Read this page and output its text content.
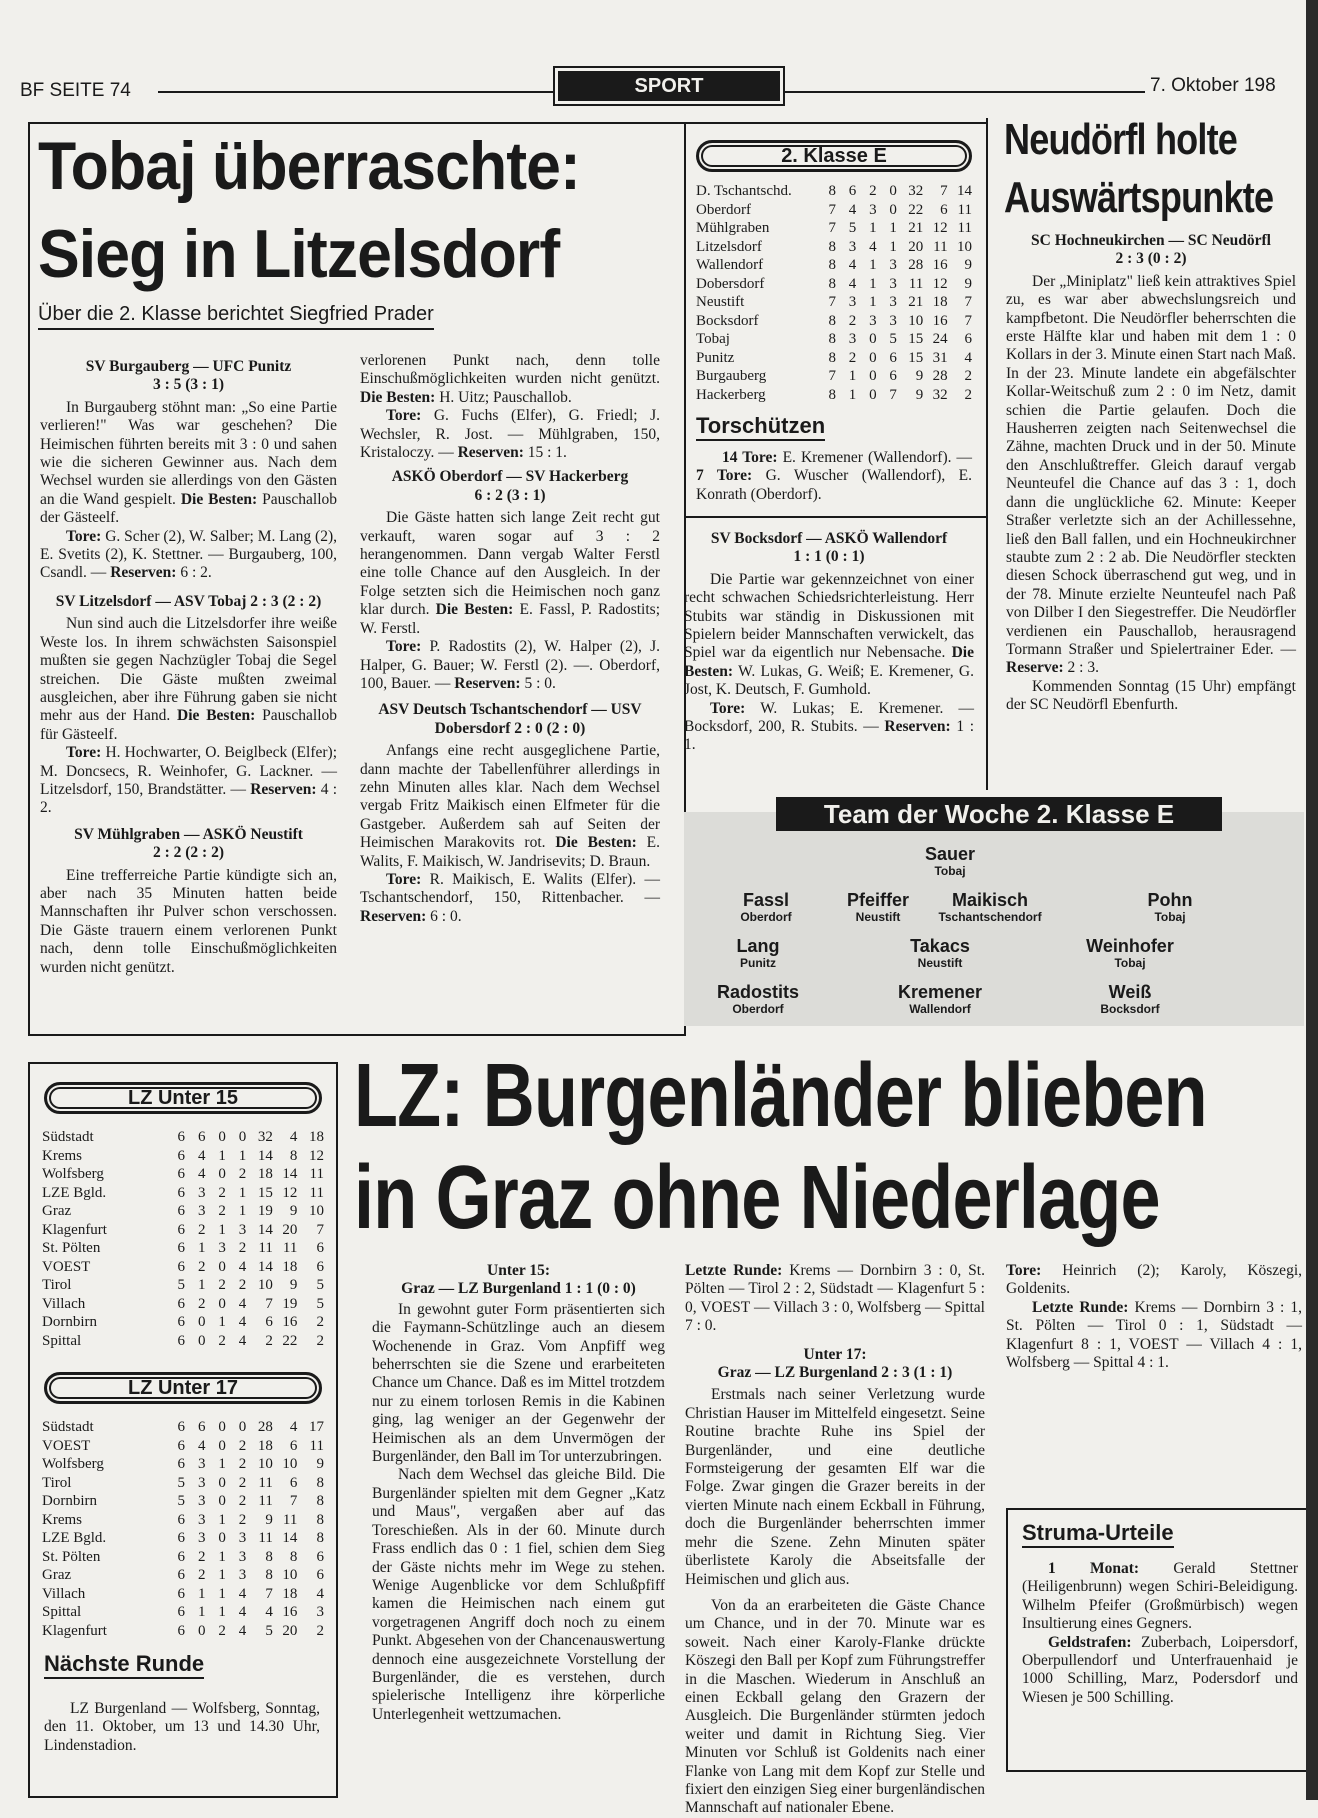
BF SEITE 74	SPORT	7. Oktober 198
Tobaj überraschte:
Sieg in Litzelsdorf
Über die 2. Klasse berichtet Siegfried Prader
SV Burgauberg — UFC Punitz
3 : 5 (3 : 1)

In Burgauberg stöhnt man: „So eine Partie verlieren!" Was war geschehen? Die Heimischen führten bereits mit 3 : 0 und sahen wie die sicheren Gewinner aus. Nach dem Wechsel wurden sie allerdings von den Gästen an die Wand gespielt. Die Besten: Pauschallob der Gästeelf.

Tore: G. Scher (2), W. Salber; M. Lang (2), E. Svetits (2), K. Stettner. — Burgauberg, 100, Csandl. — Reserven: 6 : 2.

SV Litzelsdorf — ASV Tobaj 2 : 3 (2 : 2)

Nun sind auch die Litzelsdorfer ihre weiße Weste los. In ihrem schwächsten Saisonspiel mußten sie gegen Nachzügler Tobaj die Segel streichen. Die Gäste mußten zweimal ausgleichen, aber ihre Führung gaben sie nicht mehr aus der Hand. Die Besten: Pauschallob für Gästeelf.

Tore: H. Hochwarter, O. Beiglbeck (Elfer); M. Doncsecs, R. Weinhofer, G. Lackner. — Litzelsdorf, 150, Brandstätter. — Reserven: 4 : 2.

SV Mühlgraben — ASKÖ Neustift
2 : 2 (2 : 2)

Eine trefferreiche Partie kündigte sich an, aber nach 35 Minuten hatten beide Mannschaften ihr Pulver schon verschossen. Die Gäste trauern einem verlorenen Punkt nach, denn tolle Einschußmöglichkeiten wurden nicht genützt.

verlorenen Punkt nach, denn tolle Einschußmöglichkeiten wurden nicht genützt. Die Besten: H. Uitz; Pauschallob.

Tore: G. Fuchs (Elfer), G. Friedl; J. Wechsler, R. Jost. — Mühlgraben, 150, Kristaloczy. — Reserven: 15 : 1.

ASKÖ Oberdorf — SV Hackerberg
6 : 2 (3 : 1)

Die Gäste hatten sich lange Zeit recht gut verkauft, waren sogar auf 3 : 2 herangenommen. Dann vergab Walter Ferstl eine tolle Chance auf den Ausgleich. In der Folge setzten sich die Heimischen noch ganz klar durch. Die Besten: E. Fassl, P. Radostits; W. Ferstl.

Tore: P. Radostits (2), W. Halper (2), J. Halper, G. Bauer; W. Ferstl (2). —. Oberdorf, 100, Bauer. — Reserven: 5 : 0.

ASV Deutsch Tschantschendorf — USV Dobersdorf 2 : 0 (2 : 0)

Anfangs eine recht ausgeglichene Partie, dann machte der Tabellenführer allerdings in zehn Minuten alles klar. Nach dem Wechsel vergab Fritz Maikisch einen Elfmeter für die Gastgeber. Außerdem sah auf Seiten der Heimischen Marakovits rot. Die Besten: E. Walits, F. Maikisch, W. Jandrisevits; D. Braun.

Tore: R. Maikisch, E. Walits (Elfer). — Tschantschendorf, 150, Rittenbacher. — Reserven: 6 : 0.

2. Klasse E
D. Tschantschd.	8	6	2	0	32	7	14
Oberdorf	7	4	3	0	22	6	11
Mühlgraben	7	5	1	1	21	12	11
Litzelsdorf	8	3	4	1	20	11	10
Wallendorf	8	4	1	3	28	16	9
Dobersdorf	8	4	1	3	11	12	9
Neustift	7	3	1	3	21	18	7
Bocksdorf	8	2	3	3	10	16	7
Tobaj	8	3	0	5	15	24	6
Punitz	8	2	0	6	15	31	4
Burgauberg	7	1	0	6	9	28	2
Hackerberg	8	1	0	7	9	32	2
Torschützen

14 Tore: E. Kremener (Wallendorf). — 7 Tore: G. Wuscher (Wallendorf), E. Konrath (Oberdorf).

SV Bocksdorf — ASKÖ Wallendorf
1 : 1 (0 : 1)

Die Partie war gekennzeichnet von einer recht schwachen Schiedsrichterleistung. Herr Stubits war ständig in Diskussionen mit Spielern beider Mannschaften verwickelt, das Spiel war da eigentlich nur Nebensache. Die Besten: W. Lukas, G. Weiß; E. Kremener, G. Jost, K. Deutsch, F. Gumhold.

Tore: W. Lukas; E. Kremener. — Bocksdorf, 200, R. Stubits. — Reserven: 1 : 1.

Neudörfl holte
Auswärtspunkte
SC Hochneukirchen — SC Neudörfl
2 : 3 (0 : 2)

Der „Miniplatz" ließ kein attraktives Spiel zu, es war aber abwechslungsreich und kampfbetont. Die Neudörfler beherrschten die erste Hälfte klar und haben mit dem 1 : 0 Kollars in der 3. Minute einen Start nach Maß. In der 23. Minute landete ein abgefälschter Kollar-Weitschuß zum 2 : 0 im Netz, damit schien die Partie gelaufen. Doch die Hausherren zeigten nach Seitenwechsel die Zähne, machten Druck und in der 50. Minute den Anschlußtreffer. Gleich darauf vergab Neunteufel die Chance auf das 3 : 1, doch dann die unglückliche 62. Minute: Keeper Straßer verletzte sich an der Achillessehne, ließ den Ball fallen, und ein Hochneukirchner staubte zum 2 : 2 ab. Die Neudörfler steckten diesen Schock überraschend gut weg, und in der 78. Minute erzielte Neunteufel nach Paß von Dilber I den Siegestreffer. Die Neudörfler verdienen ein Pauschallob, herausragend Tormann Straßer und Spielertrainer Eder. — Reserve: 2 : 3.

Kommenden Sonntag (15 Uhr) empfängt der SC Neudörfl Ebenfurth.

Team der Woche 2. Klasse E
Sauer
Tobaj
Fassl
Oberdorf
Pfeiffer
Neustift
Maikisch
Tschantschendorf
Pohn
Tobaj
Lang
Punitz
Takacs
Neustift
Weinhofer
Tobaj
Radostits
Oberdorf
Kremener
Wallendorf
Weiß
Bocksdorf
LZ Unter 15
Südstadt	6	6	0	0	32	4	18
Krems	6	4	1	1	14	8	12
Wolfsberg	6	4	0	2	18	14	11
LZE Bgld.	6	3	2	1	15	12	11
Graz	6	3	2	1	19	9	10
Klagenfurt	6	2	1	3	14	20	7
St. Pölten	6	1	3	2	11	11	6
VOEST	6	2	0	4	14	18	6
Tirol	5	1	2	2	10	9	5
Villach	6	2	0	4	7	19	5
Dornbirn	6	0	1	4	6	16	2
Spittal	6	0	2	4	2	22	2
LZ Unter 17
Südstadt	6	6	0	0	28	4	17
VOEST	6	4	0	2	18	6	11
Wolfsberg	6	3	1	2	10	10	9
Tirol	5	3	0	2	11	6	8
Dornbirn	5	3	0	2	11	7	8
Krems	6	3	1	2	9	11	8
LZE Bgld.	6	3	0	3	11	14	8
St. Pölten	6	2	1	3	8	8	6
Graz	6	2	1	3	8	10	6
Villach	6	1	1	4	7	18	4
Spittal	6	1	1	4	4	16	3
Klagenfurt	6	0	2	4	5	20	2
Nächste Runde

LZ Burgenland — Wolfsberg, Sonntag, den 11. Oktober, um 13 und 14.30 Uhr, Lindenstadion.

LZ: Burgenländer blieben
in Graz ohne Niederlage
Unter 15:
Graz — LZ Burgenland 1 : 1 (0 : 0)

In gewohnt guter Form präsentierten sich die Faymann-Schützlinge auch an diesem Wochenende in Graz. Vom Anpfiff weg beherrschten sie die Szene und erarbeiteten Chance um Chance. Daß es im Mittel trotzdem nur zu einem torlosen Remis in die Kabinen ging, lag weniger an der Gegenwehr der Heimischen als an dem Unvermögen der Burgenländer, den Ball im Tor unterzubringen.

Nach dem Wechsel das gleiche Bild. Die Burgenländer spielten mit dem Gegner „Katz und Maus", vergaßen aber auf das Toreschießen. Als in der 60. Minute durch Frass endlich das 0 : 1 fiel, schien dem Sieg der Gäste nichts mehr im Wege zu stehen. Wenige Augenblicke vor dem Schlußpfiff kamen die Heimischen nach einem gut vorgetragenen Angriff doch noch zu einem Punkt. Abgesehen von der Chancenauswertung dennoch eine ausgezeichnete Vorstellung der Burgenländer, die es verstehen, durch spielerische Intelligenz ihre körperliche Unterlegenheit wettzumachen.

Letzte Runde: Krems — Dornbirn 3 : 0, St. Pölten — Tirol 2 : 2, Südstadt — Klagenfurt 5 : 0, VOEST — Villach 3 : 0, Wolfsberg — Spittal 7 : 0.

Unter 17:
Graz — LZ Burgenland 2 : 3 (1 : 1)

Erstmals nach seiner Verletzung wurde Christian Hauser im Mittelfeld eingesetzt. Seine Routine brachte Ruhe ins Spiel der Burgenländer, und eine deutliche Formsteigerung der gesamten Elf war die Folge. Zwar gingen die Grazer bereits in der vierten Minute nach einem Eckball in Führung, doch die Burgenländer beherrschten immer mehr die Szene. Zehn Minuten später überlistete Karoly die Abseitsfalle der Heimischen und glich aus.

Von da an erarbeiteten die Gäste Chance um Chance, und in der 70. Minute war es soweit. Nach einer Karoly-Flanke drückte Köszegi den Ball per Kopf zum Führungstreffer in die Maschen. Wiederum in Anschluß an einen Eckball gelang den Grazern der Ausgleich. Die Burgenländer stürmten jedoch weiter und damit in Richtung Sieg. Vier Minuten vor Schluß ist Goldenits nach einer Flanke von Lang mit dem Kopf zur Stelle und fixiert den einzigen Sieg einer burgenländischen Mannschaft auf nationaler Ebene.

Tore: Heinrich (2); Karoly, Köszegi, Goldenits.

Letzte Runde: Krems — Dornbirn 3 : 1, St. Pölten — Tirol 0 : 1, Südstadt — Klagenfurt 8 : 1, VOEST — Villach 4 : 1, Wolfsberg — Spittal 4 : 1.

Struma-Urteile

1 Monat: Gerald Stettner (Heiligenbrunn) wegen Schiri-Beleidigung. Wilhelm Pfeifer (Großmürbisch) wegen Insultierung eines Gegners.

Geldstrafen: Zuberbach, Loipersdorf, Oberpullendorf und Unterfrauenhaid je 1000 Schilling, Marz, Podersdorf und Wiesen je 500 Schilling.
